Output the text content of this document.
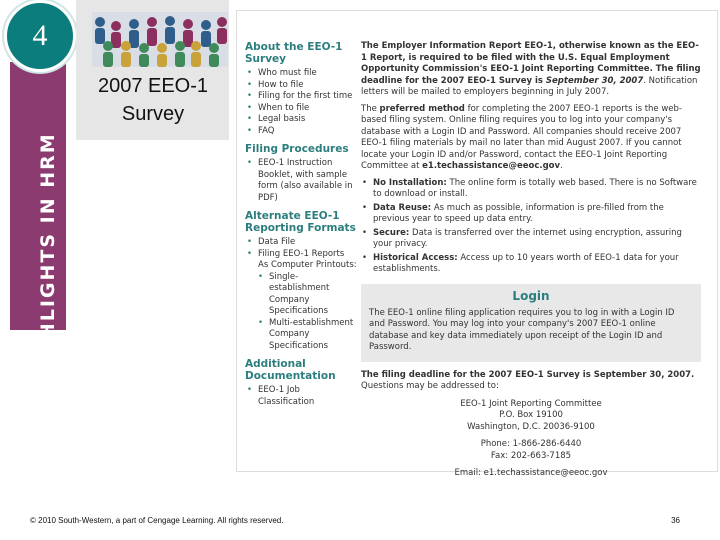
HIGHLIGHTS IN HRM
4
2007 EEO-1
Survey
About the EEO-1 Survey
• Who must file
• How to file
• Filing for the first time
• When to file
• Legal basis
• FAQ
Filing Procedures
• EEO-1 Instruction Booklet, with sample form (also available in PDF)
Alternate EEO-1 Reporting Formats
• Data File
• Filing EEO-1 Reports As Computer Printouts:
• Single-establishment Company Specifications
• Multi-establishment Company Specifications
Additional Documentation
• EEO-1 Job Classification

The Employer Information Report EEO-1, otherwise known as the EEO-1 Report, is required to be filed with the U.S. Equal Employment Opportunity Commission's EEO-1 Joint Reporting Committee. The filing deadline for the 2007 EEO-1 Survey is September 30, 2007. Notification letters will be mailed to employers beginning in July 2007.

The preferred method for completing the 2007 EEO-1 reports is the web-based filing system. Online filing requires you to log into your company's database with a Login ID and Password. All companies should receive 2007 EEO-1 filing materials by mail no later than mid August 2007. If you cannot locate your Login ID and/or Password, contact the EEO-1 Joint Reporting Committee at e1.techassistance@eeoc.gov.

• No Installation: The online form is totally web based. There is no Software to download or install.
• Data Reuse: As much as possible, information is pre-filled from the previous year to speed up data entry.
• Secure: Data is transferred over the internet using encryption, assuring your privacy.
• Historical Access: Access up to 10 years worth of EEO-1 data for your establishments.
Login
The EEO-1 online filing application requires you to log in with a Login ID and Password. You may log into your company's 2007 EEO-1 online database and key data immediately upon receipt of the Login ID and Password.
The filing deadline for the 2007 EEO-1 Survey is September 30, 2007.
Questions may be addressed to:
EEO-1 Joint Reporting Committee
P.O. Box 19100
Washington, D.C. 20036-9100
Phone: 1-866-286-6440
Fax: 202-663-7185
Email: e1.techassistance@eeoc.gov
© 2010 South-Western, a part of Cengage Learning. All rights reserved.	36
